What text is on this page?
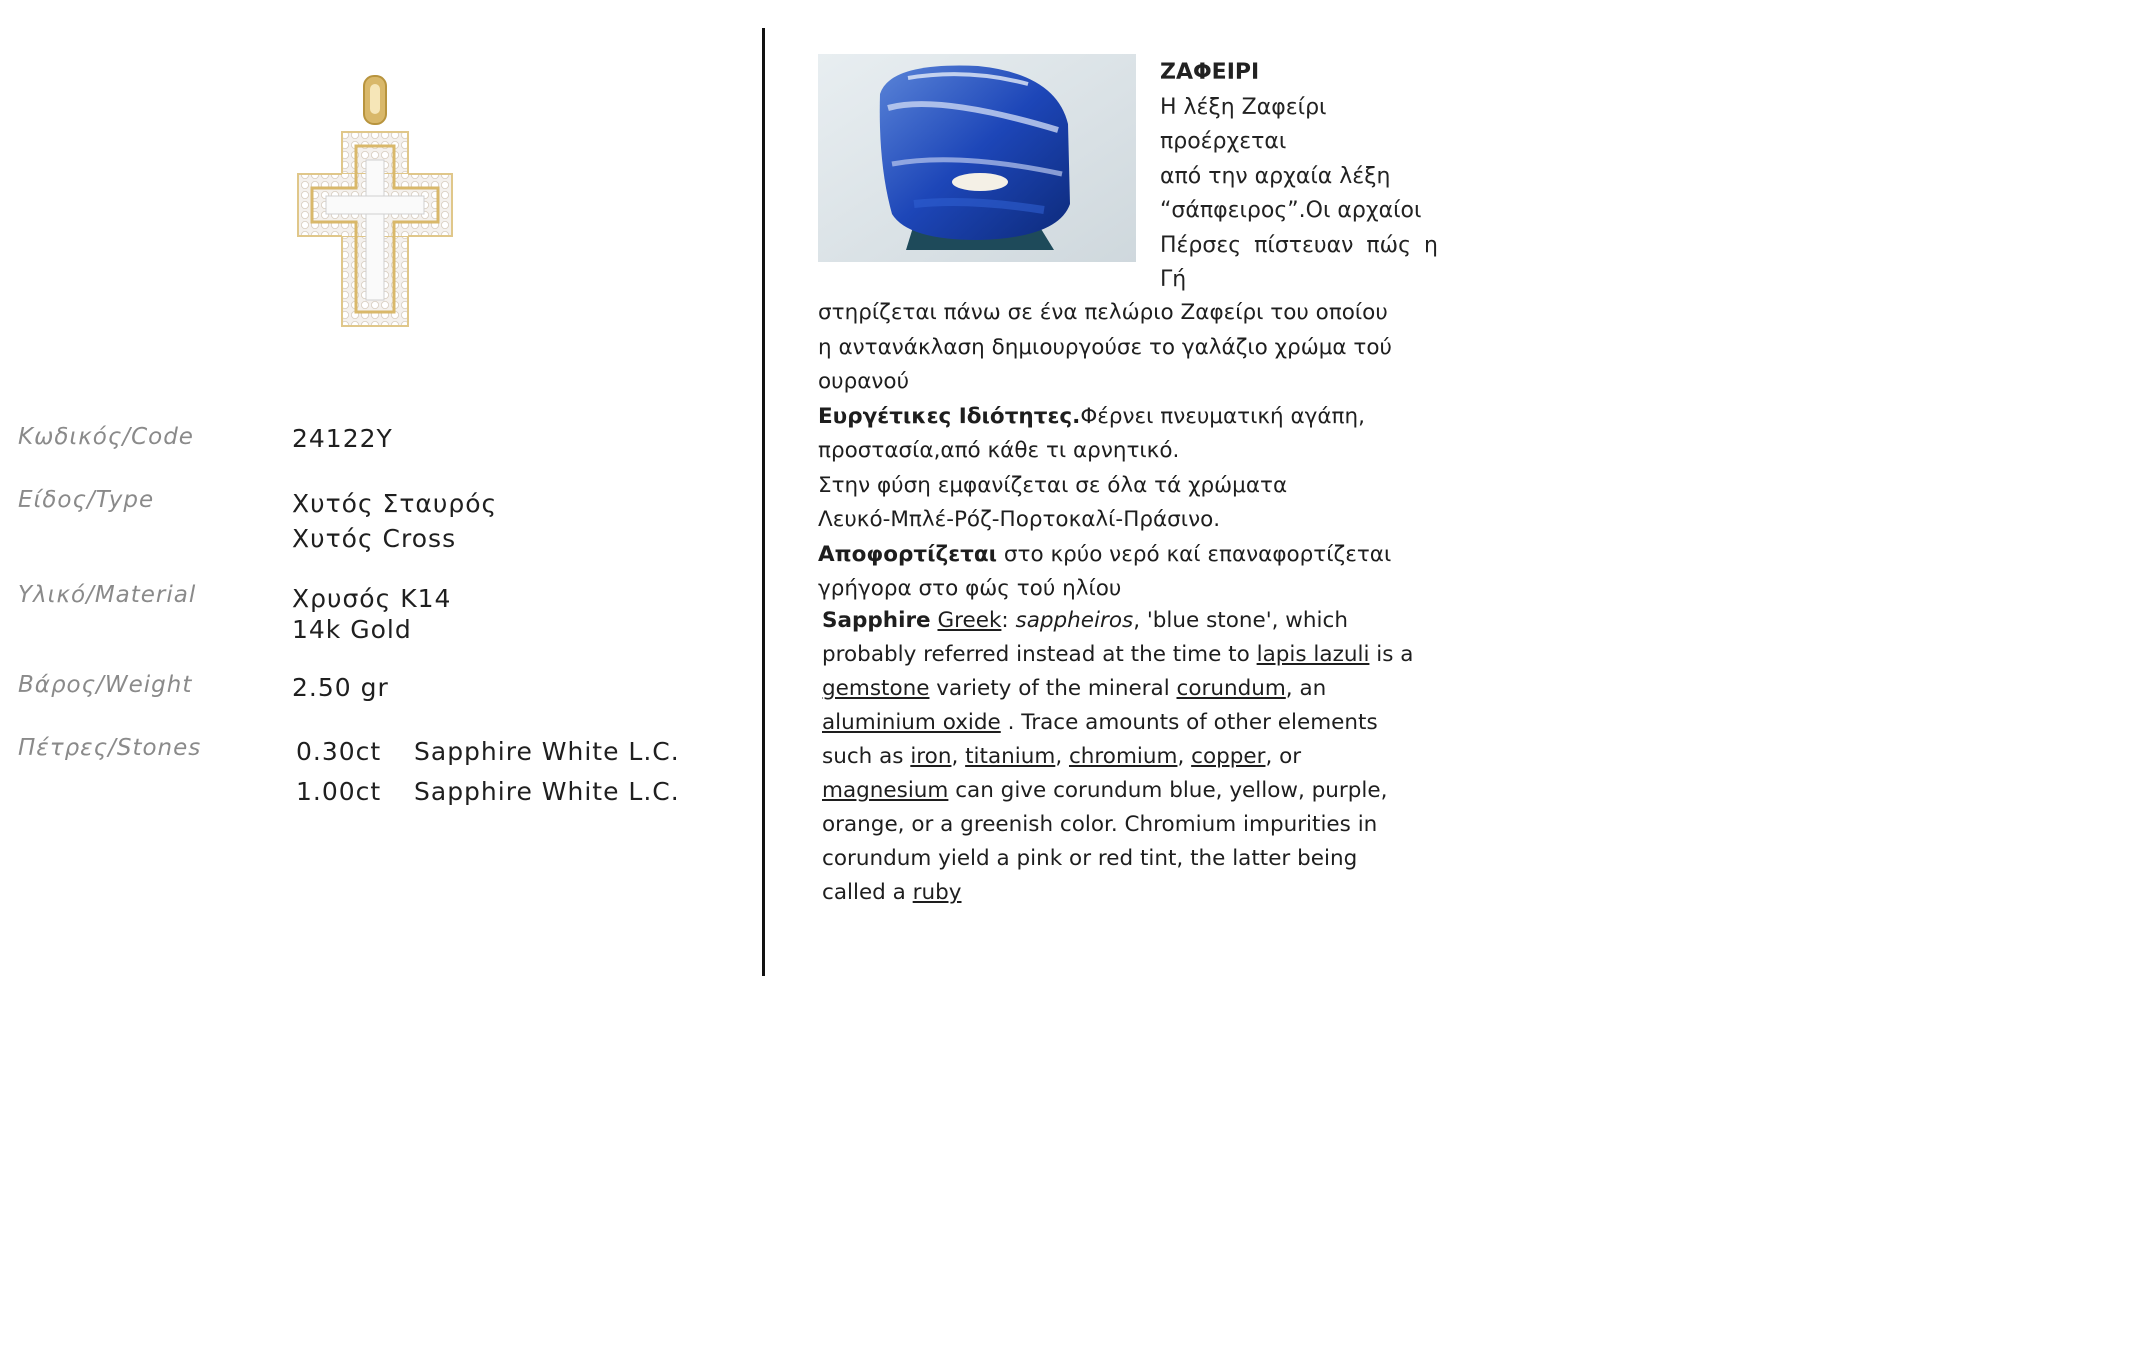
Κωδικός/Code	24122Y
Είδος/Type	Χυτός Σταυρός
Χυτός Cross
Υλικό/Material	Χρυσός K14
14k Gold
Βάρος/Weight	2.50 gr
Πέτρες/Stones	0.30ct Sapphire White L.C.
1.00ct Sapphire White L.C.
ΖΑΦΕΙΡΙ
Η λέξη Ζαφείρι
προέρχεται
από την αρχαία λέξη
“σάπφειρος”.Οι αρχαίοι
Πέρσες πίστευαν πώς η
Γή
στηρίζεται πάνω σε ένα πελώριο Ζαφείρι του οποίου
η αντανάκλαση δημιουργούσε το γαλάζιο χρώμα τού
ουρανού
Ευργέτικες Ιδιότητες.Φέρνει πνευματική αγάπη,
προστασία,από κάθε τι αρνητικό.
Στην φύση εμφανίζεται σε όλα τά χρώματα
Λευκό-Μπλέ-Ρόζ-Πορτοκαλί-Πράσινο.
Αποφορτίζεται στο κρύο νερό καί επαναφορτίζεται
γρήγορα στο φώς τού ηλίου
Sapphire Greek: sappheiros, 'blue stone', which
probably referred instead at the time to lapis lazuli is a
gemstone variety of the mineral corundum, an
aluminium oxide . Trace amounts of other elements
such as iron, titanium, chromium, copper, or
magnesium can give corundum blue, yellow, purple,
orange, or a greenish color. Chromium impurities in
corundum yield a pink or red tint, the latter being
called a ruby
